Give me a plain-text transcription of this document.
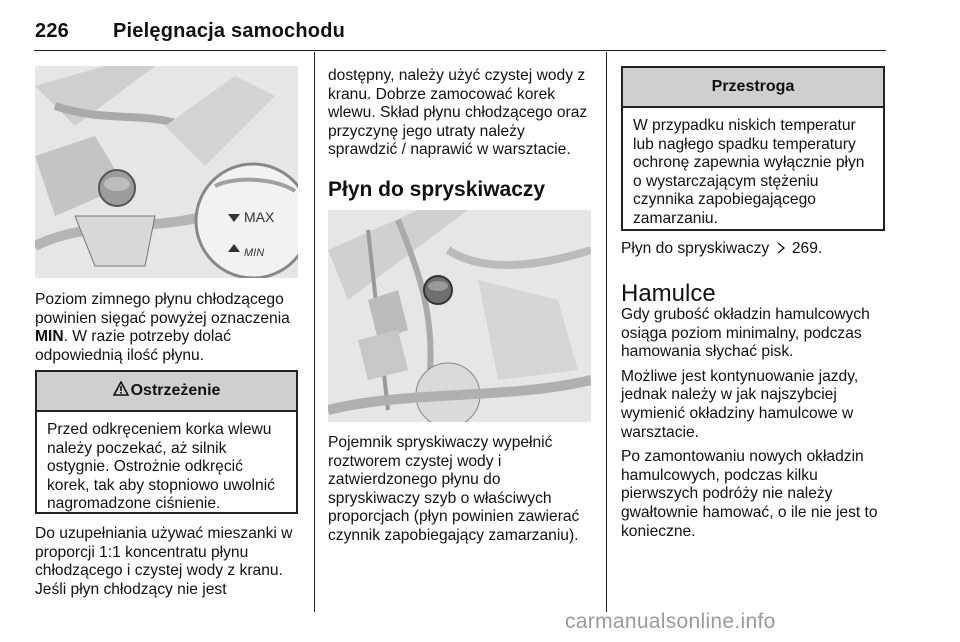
226 Pielęgnacja samochodu
MAX
MIN

Poziom zimnego płynu chłodzącego

powinien sięgać powyżej oznaczenia

MIN. W razie potrzeby dolać

odpowiednią ilość płynu.

Ostrzeżenie
Przed odkręceniem korka wlewu
należy poczekać, aż silnik
ostygnie. Ostrożnie odkręcić
korek, tak aby stopniowo uwolnić
nagromadzone ciśnienie.

Do uzupełniania używać mieszanki w

proporcji 1:1 koncentratu płynu

chłodzącego i czystej wody z kranu.

Jeśli płyn chłodzący nie jest

dostępny, należy użyć czystej wody z

kranu. Dobrze zamocować korek

wlewu. Skład płynu chłodzącego oraz

przyczynę jego utraty należy

sprawdzić / naprawić w warsztacie.

Płyn do spryskiwaczy

Pojemnik spryskiwaczy wypełnić

roztworem czystej wody i

zatwierdzonego płynu do

spryskiwaczy szyb o właściwych

proporcjach (płyn powinien zawierać

czynnik zapobiegający zamarzaniu).

Przestroga
W przypadku niskich temperatur
lub nagłego spadku temperatury
ochronę zapewnia wyłącznie płyn
o wystarczającym stężeniu
czynnika zapobiegającego
zamarzaniu.

Płyn do spryskiwaczy 269.

Hamulce

Gdy grubość okładzin hamulcowych

osiąga poziom minimalny, podczas

hamowania słychać pisk.

Możliwe jest kontynuowanie jazdy,

jednak należy w jak najszybciej

wymienić okładziny hamulcowe w

warsztacie.

Po zamontowaniu nowych okładzin

hamulcowych, podczas kilku

pierwszych podróży nie należy

gwałtownie hamować, o ile nie jest to

konieczne.

carmanualsonline.info
